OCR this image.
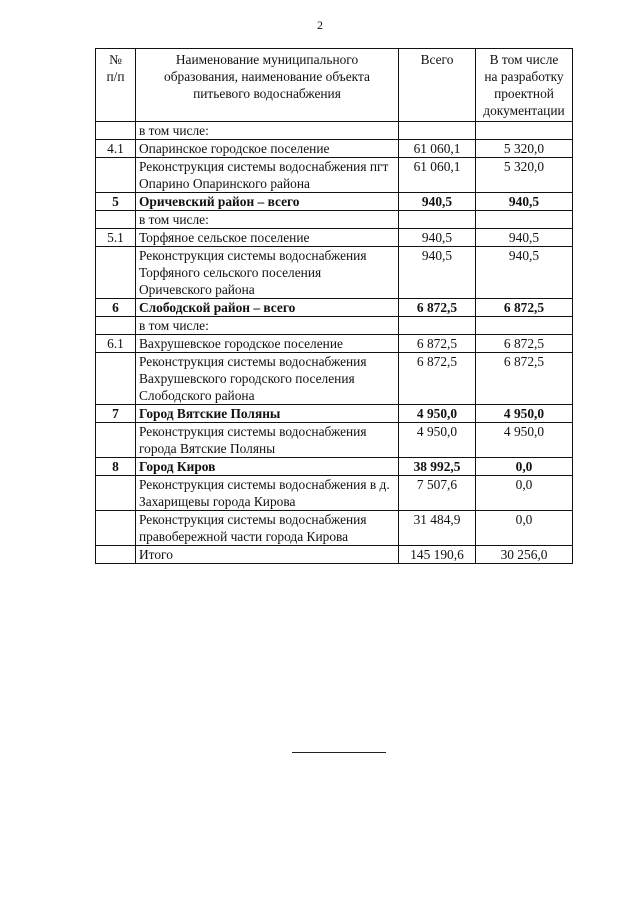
2
№ п/п	Наименование муниципального образования, наименование объекта питьевого водоснабжения	Всего	В том числе на разработку проектной документации
	в том числе:		
4.1	Опаринское городское поселение	61 060,1	5 320,0
	Реконструкция системы водоснабжения пгт Опарино Опаринского района	61 060,1	5 320,0
5	Оричевский район – всего	940,5	940,5
	в том числе:		
5.1	Торфяное сельское поселение	940,5	940,5
	Реконструкция системы водоснабжения Торфяного сельского поселения Оричевского района	940,5	940,5
6	Слободской район – всего	6 872,5	6 872,5
	в том числе:		
6.1	Вахрушевское городское поселение	6 872,5	6 872,5
	Реконструкция системы водоснабжения Вахрушевского городского поселения Слободского района	6 872,5	6 872,5
7	Город Вятские Поляны	4 950,0	4 950,0
	Реконструкция системы водоснабжения города Вятские Поляны	4 950,0	4 950,0
8	Город Киров	38 992,5	0,0
	Реконструкция системы водоснабжения в д. Захарищевы города Кирова	7 507,6	0,0
	Реконструкция системы водоснабжения правобережной части города Кирова	31 484,9	0,0
	Итого	145 190,6	30 256,0
